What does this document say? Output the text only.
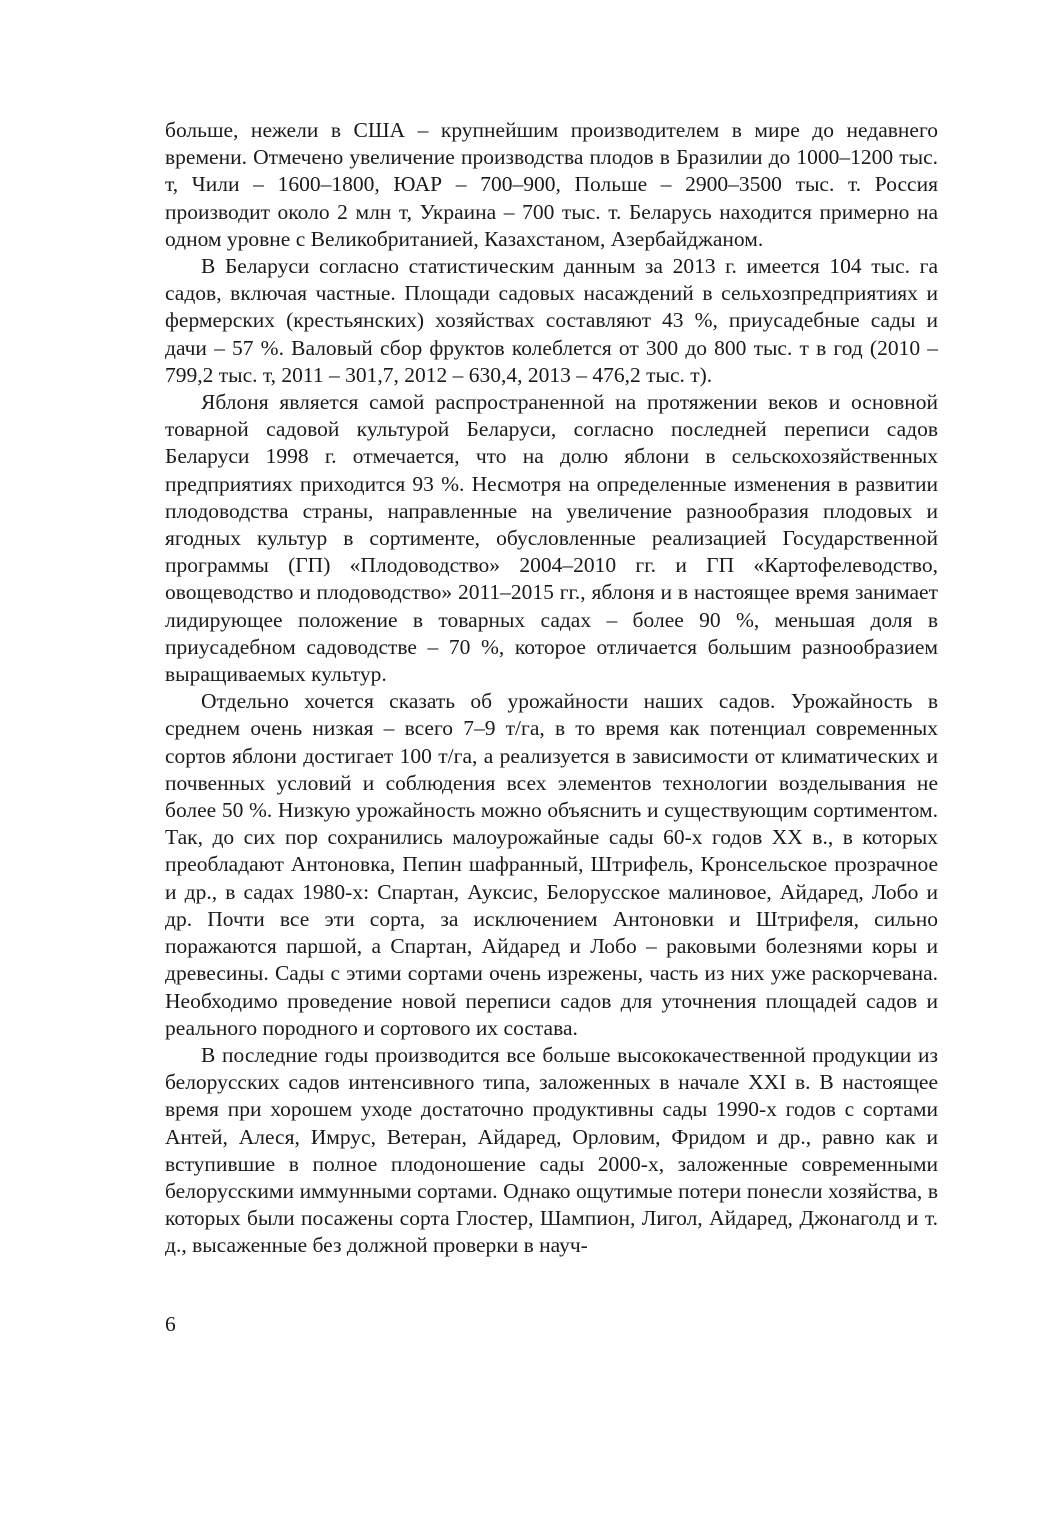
больше, нежели в США – крупнейшим производителем в мире до недавнего времени. Отмечено увеличение производства плодов в Бразилии до 1000–1200 тыс. т, Чили – 1600–1800, ЮАР – 700–900, Польше – 2900–3500 тыс. т. Россия производит около 2 млн т, Украина – 700 тыс. т. Беларусь находится примерно на одном уровне с Великобританией, Казахстаном, Азербайджаном.

В Беларуси согласно статистическим данным за 2013 г. имеется 104 тыс. га садов, включая частные. Площади садовых насаждений в сельхозпредприятиях и фермерских (крестьянских) хозяйствах составляют 43 %, приусадебные сады и дачи – 57 %. Валовый сбор фруктов колеблется от 300 до 800 тыс. т в год (2010 – 799,2 тыс. т, 2011 – 301,7, 2012 – 630,4, 2013 – 476,2 тыс. т).

Яблоня является самой распространенной на протяжении веков и основной товарной садовой культурой Беларуси, согласно последней переписи садов Беларуси 1998 г. отмечается, что на долю яблони в сельскохозяйственных предприятиях приходится 93 %. Несмотря на определенные изменения в развитии плодоводства страны, направленные на увеличение разнообразия плодовых и ягодных культур в сортименте, обусловленные реализацией Государственной программы (ГП) «Плодоводство» 2004–2010 гг. и ГП «Картофелеводство, овощеводство и плодоводство» 2011–2015 гг., яблоня и в настоящее время занимает лидирующее положение в товарных садах – более 90 %, меньшая доля в приусадебном садоводстве – 70 %, которое отличается большим разнообразием выращиваемых культур.

Отдельно хочется сказать об урожайности наших садов. Урожайность в среднем очень низкая – всего 7–9 т/га, в то время как потенциал современных сортов яблони достигает 100 т/га, а реализуется в зависимости от климатических и почвенных условий и соблюдения всех элементов технологии возделывания не более 50 %. Низкую урожайность можно объяснить и существующим сортиментом. Так, до сих пор сохранились малоурожайные сады 60-х годов XX в., в которых преобладают Антоновка, Пепин шафранный, Штрифель, Кронсельское прозрачное и др., в садах 1980-х: Спартан, Ауксис, Белорусское малиновое, Айдаред, Лобо и др. Почти все эти сорта, за исключением Антоновки и Штрифеля, сильно поражаются паршой, а Спартан, Айдаред и Лобо – раковыми болезнями коры и древесины. Сады с этими сортами очень изрежены, часть из них уже раскорчевана. Необходимо проведение новой переписи садов для уточнения площадей садов и реального породного и сортового их состава.

В последние годы производится все больше высококачественной продукции из белорусских садов интенсивного типа, заложенных в начале XXI в. В настоящее время при хорошем уходе достаточно продуктивны сады 1990-х годов с сортами Антей, Алеся, Имрус, Ветеран, Айдаред, Орловим, Фридом и др., равно как и вступившие в полное плодоношение сады 2000-х, заложенные современными белорусскими иммунными сортами. Однако ощутимые потери понесли хозяйства, в которых были посажены сорта Глостер, Шампион, Лигол, Айдаред, Джонаголд и т. д., высаженные без должной проверки в науч-

6
